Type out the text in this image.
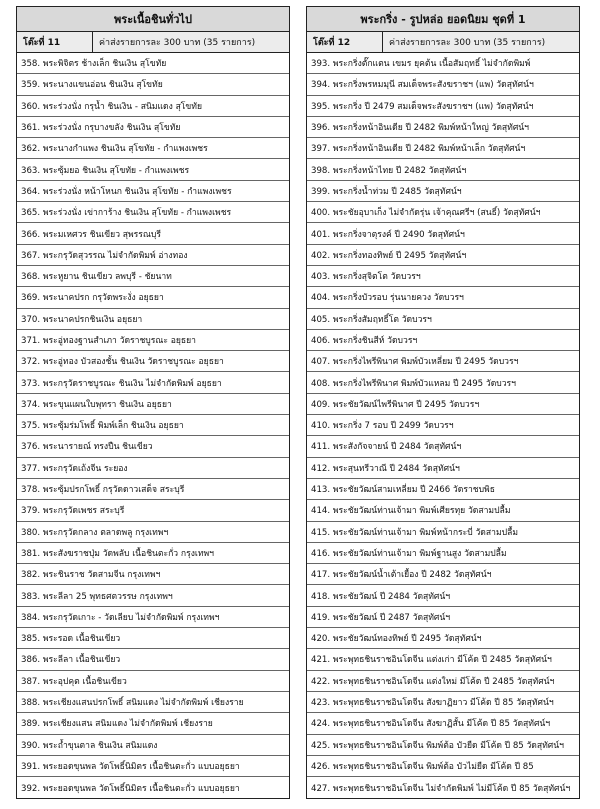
พระเนื้อชินทั่วไป
โต๊ะที่ 11	ค่าส่งรายการละ 300 บาท (35 รายการ)
358. พระพิจิตร ช้างเล็ก ชินเงิน สุโขทัย
359. พระนางแขนอ่อน ชินเงิน สุโขทัย
360. พระร่วงนั่ง กรุน้ำ ชินเงิน - สนิมแดง สุโขทัย
361. พระร่วงนั่ง กรุบางขลัง ชินเงิน สุโขทัย
362. พระนางกำแพง ชินเงิน สุโขทัย - กำแพงเพชร
363. พระซุ้มยอ ชินเงิน สุโขทัย - กำแพงเพชร
364. พระร่วงนั่ง หน้าโหนก ชินเงิน สุโขทัย - กำแพงเพชร
365. พระร่วงนั่ง เข่าการ้าง ชินเงิน สุโขทัย - กำแพงเพชร
366. พระมเหศวร ชินเขียว สุพรรณบุรี
367. พระกรุวัดสุวรรณ ไม่จำกัดพิมพ์ อ่างทอง
368. พระหูยาน ชินเขียว ลพบุรี - ชัยนาท
369. พระนาคปรก กรุวัดพระงั่ง อยุธยา
370. พระนาคปรกชินเงิน อยุธยา
371. พระอู่ทองฐานสำเภา วัดราชบูรณะ อยุธยา
372. พระอู่ทอง บัวสองชั้น ชินเงิน วัดราชบูรณะ อยุธยา
373. พระกรุวัดราชบูรณะ ชินเงิน ไม่จำกัดพิมพ์ อยุธยา
374. พระขุนแผนใบพุทรา ชินเงิน อยุธยา
375. พระซุ้มร่มโพธิ์ พิมพ์เล็ก ชินเงิน อยุธยา
376. พระนารายณ์ ทรงปืน ชินเขียว
377. พระกรุวัดเถ้งจีน ระยอง
378. พระซุ้มปรกโพธิ์ กรุวัดดาวเสด็จ สระบุรี
379. พระกรุวัดเพชร สระบุรี
380. พระกรุวัดกลาง ตลาดพลู กรุงเทพฯ
381. พระสังฆราชปุ่ม วัดพลับ เนื้อชินตะกั่ว กรุงเทพฯ
382. พระชินราช วัดสามจีน กรุงเทพฯ
383. พระลีลา 25 พุทธศตวรรษ กรุงเทพฯ
384. พระกรุวัดเกาะ - วัดเลียบ ไม่จำกัดพิมพ์ กรุงเทพฯ
385. พระรอด เนื้อชินเขียว
386. พระลีลา เนื้อชินเขียว
387. พระอุปคุต เนื้อชินเขียว
388. พระเชียงแสนปรกโพธิ์ สนิมแดง ไม่จำกัดพิมพ์ เชียงราย
389. พระเชียงแสน สนิมแดง ไม่จำกัดพิมพ์ เชียงราย
390. พระถ้ำขุนตาล ชินเงิน สนิมแดง
391. พระยอดขุนพล วัดโพธิ์นิมิตร เนื้อชินตะกั่ว แบบอยุธยา
392. พระยอดขุนพล วัดโพธิ์นิมิตร เนื้อชินตะกั่ว แบบอยุธยา
พระกริ่ง - รูปหล่อ ยอดนิยม ชุดที่ 1
โต๊ะที่ 12	ค่าส่งรายการละ 300 บาท (35 รายการ)
393. พระกริ่งตั๊กแตน เขมร ยุคต้น เนื้อสัมฤทธิ์ ไม่จำกัดพิมพ์
394. พระกริ่งพรหมมุนี สมเด็จพระสังฆราชฯ (แพ) วัดสุทัศน์ฯ
395. พระกริ่ง ปี 2479 สมเด็จพระสังฆราชฯ (แพ) วัดสุทัศน์ฯ
396. พระกริ่งหน้าอินเดีย ปี 2482 พิมพ์หน้าใหญ่ วัดสุทัศน์ฯ
397. พระกริ่งหน้าอินเดีย ปี 2482 พิมพ์หน้าเล็ก วัดสุทัศน์ฯ
398. พระกริ่งหน้าไทย ปี 2482 วัดสุทัศน์ฯ
399. พระกริ่งน้ำท่วม ปี 2485 วัดสุทัศน์ฯ
400. พระชัยอุบาเก็ง ไม่จำกัดรุ่น เจ้าคุณศรีฯ (สนธิ์) วัดสุทัศน์ฯ
401. พระกริ่งจาตุรงค์ ปี 2490 วัดสุทัศน์ฯ
402. พระกริ่งทองทิพย์ ปี 2495 วัดสุทัศน์ฯ
403. พระกริ่งสุจิตโต วัดบวรฯ
404. พระกริ่งบัวรอบ รุ่นนายควง วัดบวรฯ
405. พระกริ่งสัมฤทธิ์โต วัดบวรฯ
406. พระกริ่งชินสีห์ วัดบวรฯ
407. พระกริ่งไพรีพินาศ พิมพ์บัวเหลี่ยม ปี 2495 วัดบวรฯ
408. พระกริ่งไพรีพินาศ พิมพ์บัวแหลม ปี 2495 วัดบวรฯ
409. พระชัยวัฒน์ไพรีพินาศ ปี 2495 วัดบวรฯ
410. พระกริ่ง 7 รอบ ปี 2499 วัดบวรฯ
411. พระสังกัจจายน์ ปี 2484 วัดสุทัศน์ฯ
412. พระสุนทรีวาณี ปี 2484 วัดสุทัศน์ฯ
413. พระชัยวัฒน์สามเหลี่ยม ปี 2466 วัดราชบพิธ
414. พระชัยวัฒน์ท่านเจ้ามา พิมพ์เศียรทุย วัดสามปลื้ม
415. พระชัยวัฒน์ท่านเจ้ามา พิมพ์หน้ากระบี่ วัดสามปลื้ม
416. พระชัยวัฒน์ท่านเจ้ามา พิมพ์ฐานสูง วัดสามปลื้ม
417. พระชัยวัฒน์น้ำเต้าเยื้อง ปี 2482 วัดสุทัศน์ฯ
418. พระชัยวัฒน์ ปี 2484 วัดสุทัศน์ฯ
419. พระชัยวัฒน์ ปี 2487 วัดสุทัศน์ฯ
420. พระชัยวัฒน์ทองทิพย์ ปี 2495 วัดสุทัศน์ฯ
421. พระพุทธชินราชอินโดจีน แต่งเก่า มีโค้ด ปี 2485 วัดสุทัศน์ฯ
422. พระพุทธชินราชอินโดจีน แต่งใหม่ มีโค้ด ปี 2485 วัดสุทัศน์ฯ
423. พระพุทธชินราชอินโดจีน สังฆาฏิยาว มีโค้ด ปี 85 วัดสุทัศน์ฯ
424. พระพุทธชินราชอินโดจีน สังฆาฏิสั้น มีโค้ด ปี 85 วัดสุทัศน์ฯ
425. พระพุทธชินราชอินโดจีน พิมพ์ต้อ บัวยืด มีโค้ด ปี 85 วัดสุทัศน์ฯ
426. พระพุทธชินราชอินโดจีน พิมพ์ต้อ บัวไม่ยืด มีโค้ด ปี 85
427. พระพุทธชินราชอินโดจีน ไม่จำกัดพิมพ์ ไม่มีโค้ด ปี 85 วัดสุทัศน์ฯ
